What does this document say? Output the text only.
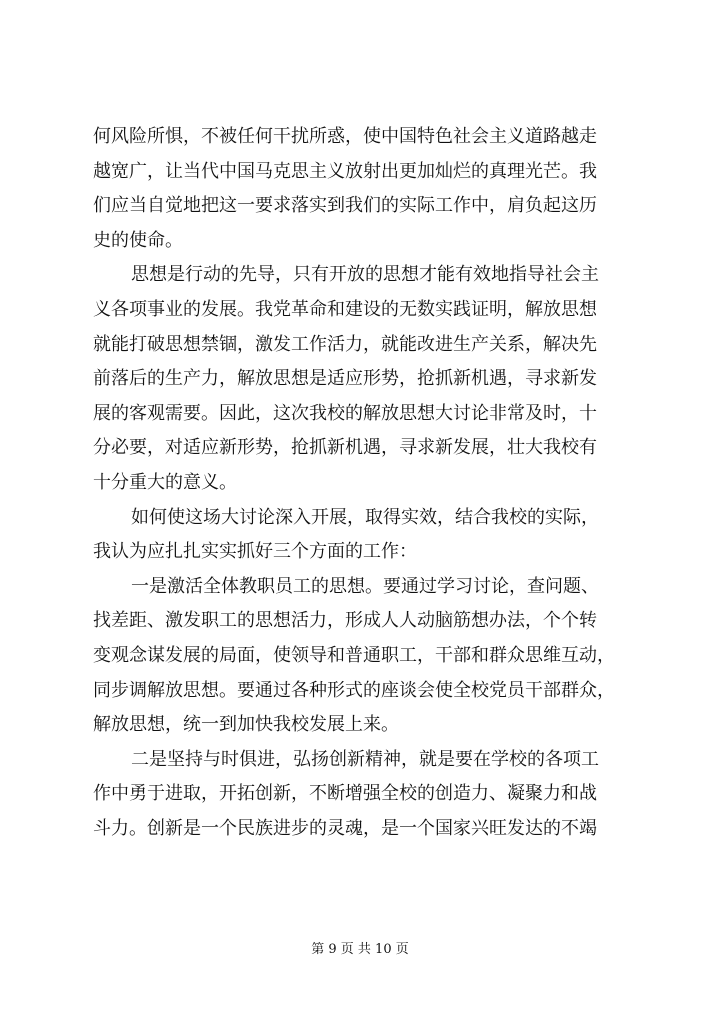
何风险所惧，不被任何干扰所惑，使中国特色社会主义道路越走
越宽广，让当代中国马克思主义放射出更加灿烂的真理光芒。我
们应当自觉地把这一要求落实到我们的实际工作中，肩负起这历
史的使命。
思想是行动的先导，只有开放的思想才能有效地指导社会主
义各项事业的发展。我党革命和建设的无数实践证明，解放思想
就能打破思想禁锢，激发工作活力，就能改进生产关系，解决先
前落后的生产力，解放思想是适应形势，抢抓新机遇，寻求新发
展的客观需要。因此，这次我校的解放思想大讨论非常及时，十
分必要，对适应新形势，抢抓新机遇，寻求新发展，壮大我校有
十分重大的意义。
如何使这场大讨论深入开展，取得实效，结合我校的实际，
我认为应扎扎实实抓好三个方面的工作：
一是激活全体教职员工的思想。要通过学习讨论，查问题、
找差距、激发职工的思想活力，形成人人动脑筋想办法，个个转
变观念谋发展的局面，使领导和普通职工，干部和群众思维互动，
同步调解放思想。要通过各种形式的座谈会使全校党员干部群众，
解放思想，统一到加快我校发展上来。
二是坚持与时俱进，弘扬创新精神，就是要在学校的各项工
作中勇于进取，开拓创新，不断增强全校的创造力、凝聚力和战
斗力。创新是一个民族进步的灵魂，是一个国家兴旺发达的不竭
第 9 页 共 10 页
